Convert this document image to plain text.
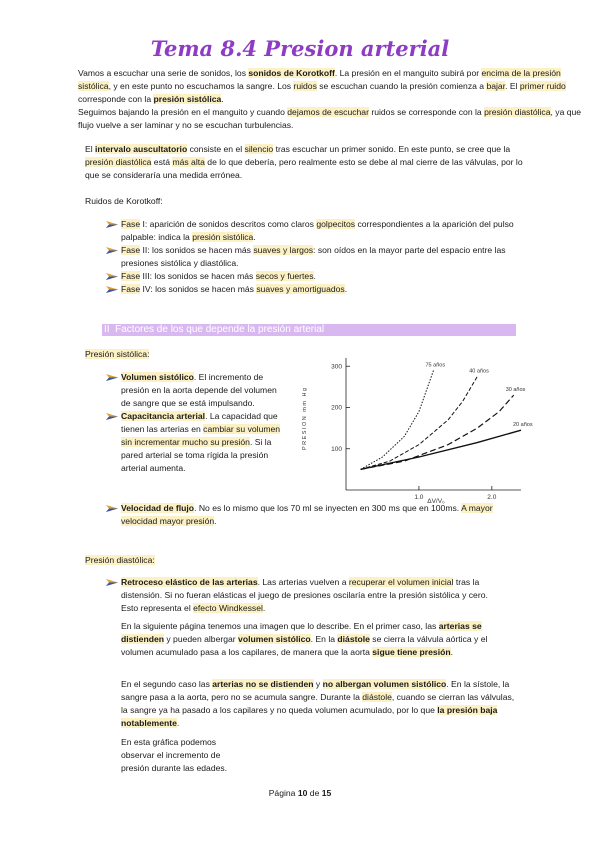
Tema 8.4 Presion arterial
Vamos a escuchar una serie de sonidos, los sonidos de Korotkoff. La presión en el manguito subirá por encima de la presión sistólica, y en este punto no escuchamos la sangre. Los ruidos se escuchan cuando la presión comienza a bajar. El primer ruido corresponde con la presión sistólica.
Seguimos bajando la presión en el manguito y cuando dejamos de escuchar ruidos se corresponde con la presión diastólica, ya que flujo vuelve a ser laminar y no se escuchan turbulencias.
El intervalo auscultatorio consiste en el silencio tras escuchar un primer sonido. En este punto, se cree que la presión diastólica está más alta de lo que debería, pero realmente esto se debe al mal cierre de las válvulas, por lo que se consideraría una medida errónea.
Ruidos de Korotkoff:
Fase I: aparición de sonidos descritos como claros golpecitos correspondientes a la aparición del pulso palpable: indica la presión sistólica.
Fase II: los sonidos se hacen más suaves y largos: son oídos en la mayor parte del espacio entre las presiones sistólica y diastólica.
Fase III: los sonidos se hacen más secos y fuertes.
Fase IV: los sonidos se hacen más suaves y amortiguados.
II Factores de los que depende la presión arterial
Presión sistólica:
Volumen sistólico. El incremento de presión en la aorta depende del volumen de sangre que se está impulsando.
Capacitancia arterial. La capacidad que tienen las arterias en cambiar su volumen sin incrementar mucho su presión. Si la pared arterial se toma rígida la presión arterial aumenta.
Velocidad de flujo. No es lo mismo que los 70 ml se inyecten en 300 ms que en 100ms. A mayor velocidad mayor presión.
100
200
300
1.0	2.0
75 años
40 años
30 años
20 años
PRESION mm Hg
ΔV/V₀
Presión diastólica:
Retroceso elástico de las arterias. Las arterias vuelven a recuperar el volumen inicial tras la distensión. Si no fueran elásticas el juego de presiones oscilaría entre la presión sistólica y cero. Esto representa el efecto Windkessel.
En la siguiente página tenemos una imagen que lo describe. En el primer caso, las arterias se distienden y pueden albergar volumen sistólico. En la diástole se cierra la válvula aórtica y el volumen acumulado pasa a los capilares, de manera que la aorta sigue tiene presión.
En el segundo caso las arterias no se distienden y no albergan volumen sistólico. En la sístole, la sangre pasa a la aorta, pero no se acumula sangre. Durante la diástole, cuando se cierran las válvulas, la sangre ya ha pasado a los capilares y no queda volumen acumulado, por lo que la presión baja notablemente.
En esta gráfica podemos
observar el incremento de
presión durante las edades.
Página 10 de 15
